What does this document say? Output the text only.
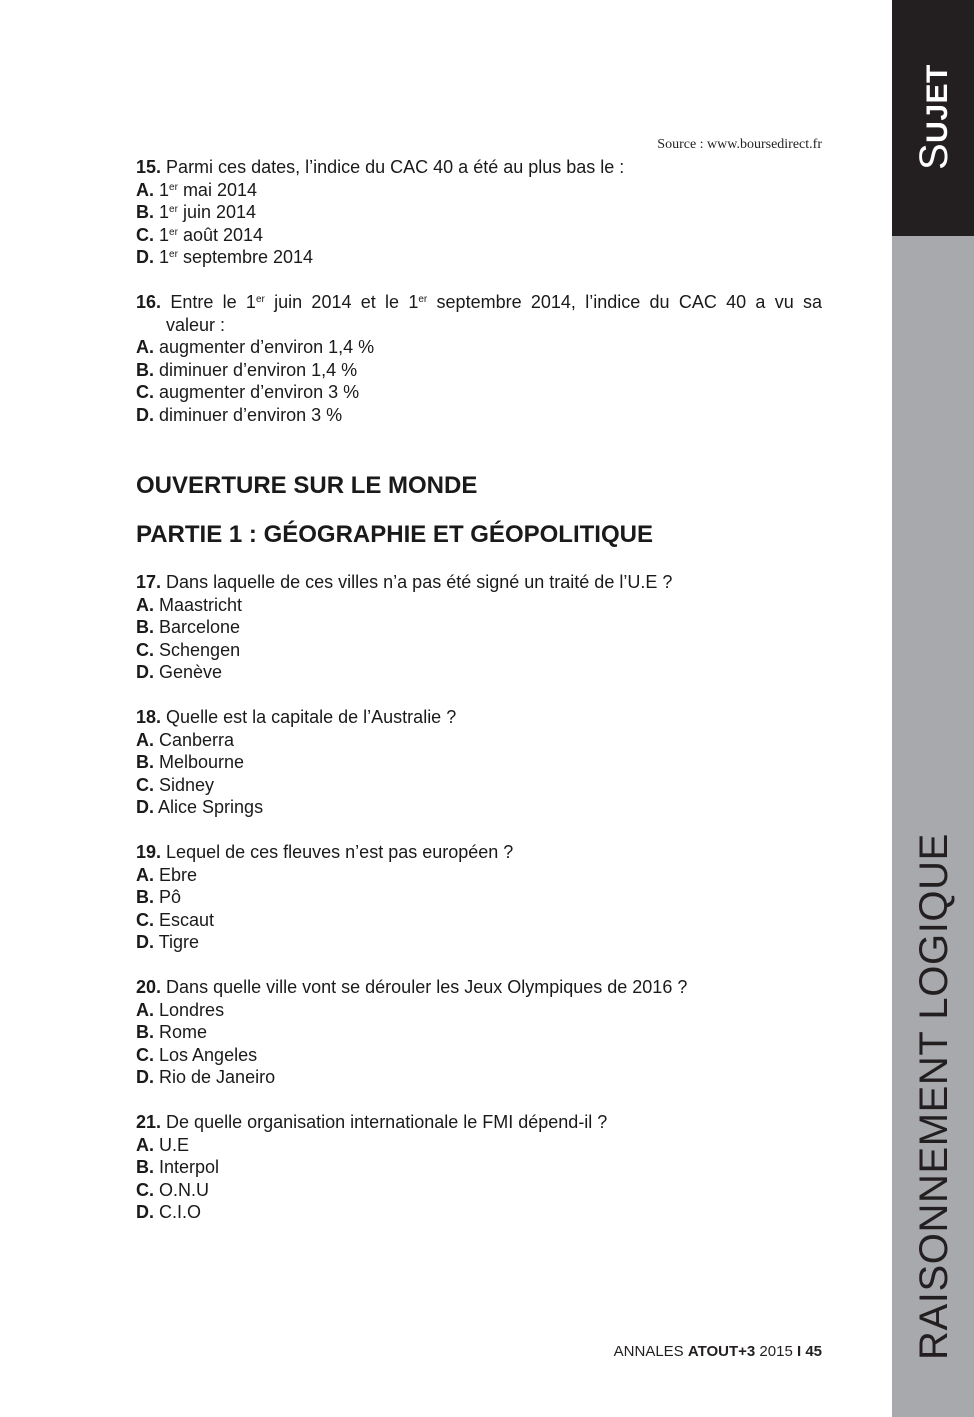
SUJET
RAISONNEMENT LOGIQUE
Source : www.boursedirect.fr

15. Parmi ces dates, l’indice du CAC 40 a été au plus bas le :

A. 1er mai 2014

B. 1er juin 2014

C. 1er août 2014

D. 1er septembre 2014

16. Entre le 1er juin 2014 et le 1er septembre 2014, l’indice du CAC 40 a vu sa

valeur :

A. augmenter d’environ 1,4 %

B. diminuer d’environ 1,4 %

C. augmenter d’environ 3 %

D. diminuer d’environ 3 %

OUVERTURE SUR LE MONDE
PARTIE 1 : GÉOGRAPHIE ET GÉOPOLITIQUE

17. Dans laquelle de ces villes n’a pas été signé un traité de l’U.E ?

A. Maastricht

B. Barcelone

C. Schengen

D. Genève

18. Quelle est la capitale de l’Australie ?

A. Canberra

B. Melbourne

C. Sidney

D. Alice Springs

19. Lequel de ces fleuves n’est pas européen ?

A. Ebre

B. Pô

C. Escaut

D. Tigre

20. Dans quelle ville vont se dérouler les Jeux Olympiques de 2016 ?

A. Londres

B. Rome

C. Los Angeles

D. Rio de Janeiro

21. De quelle organisation internationale le FMI dépend-il ?

A. U.E

B. Interpol

C. O.N.U

D. C.I.O

ANNALES ATOUT+3 2015 I 45
